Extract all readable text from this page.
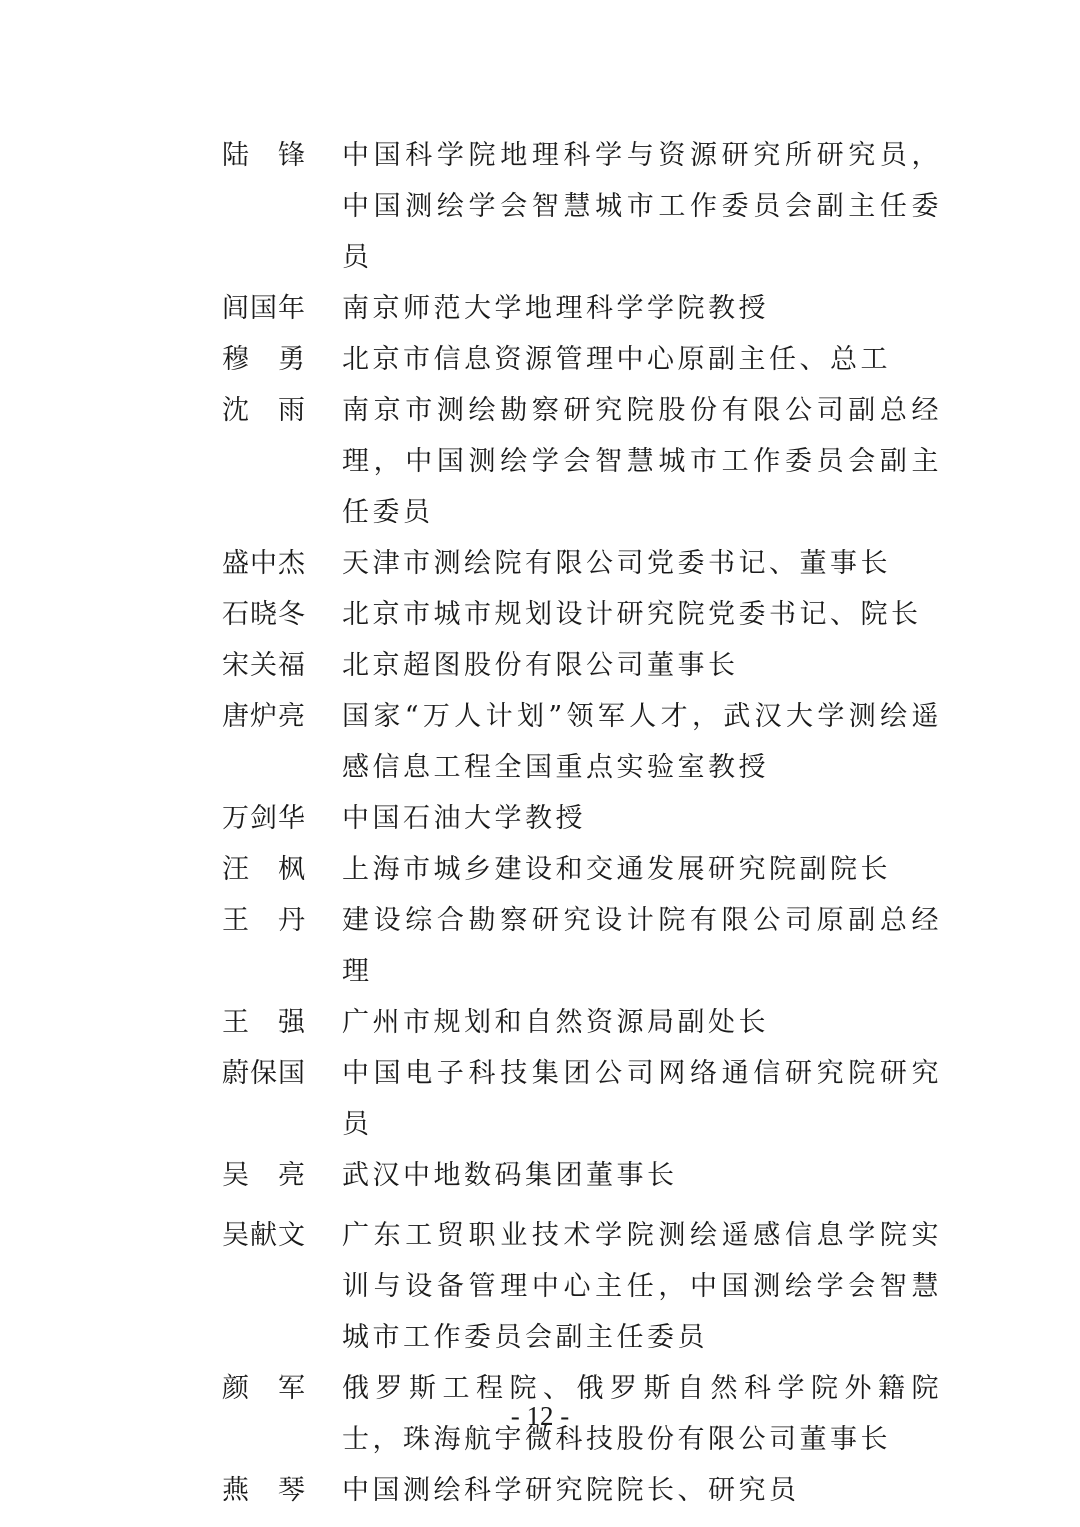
陆　锋	中国科学院地理科学与资源研究所研究员，中国测绘学会智慧城市工作委员会副主任委员
闾国年	南京师范大学地理科学学院教授
穆　勇	北京市信息资源管理中心原副主任、总工
沈　雨	南京市测绘勘察研究院股份有限公司副总经理，中国测绘学会智慧城市工作委员会副主任委员
盛中杰	天津市测绘院有限公司党委书记、董事长
石晓冬	北京市城市规划设计研究院党委书记、院长
宋关福	北京超图股份有限公司董事长
唐炉亮	国家“万人计划”领军人才，武汉大学测绘遥感信息工程全国重点实验室教授
万剑华	中国石油大学教授
汪　枫	上海市城乡建设和交通发展研究院副院长
王　丹	建设综合勘察研究设计院有限公司原副总经理
王　强	广州市规划和自然资源局副处长
蔚保国	中国电子科技集团公司网络通信研究院研究员
吴　亮	武汉中地数码集团董事长
吴献文	广东工贸职业技术学院测绘遥感信息学院实训与设备管理中心主任，中国测绘学会智慧城市工作委员会副主任委员
颜　军	俄罗斯工程院、俄罗斯自然科学院外籍院士，珠海航宇微科技股份有限公司董事长
燕　琴	中国测绘科学研究院院长、研究员
- 12 -
